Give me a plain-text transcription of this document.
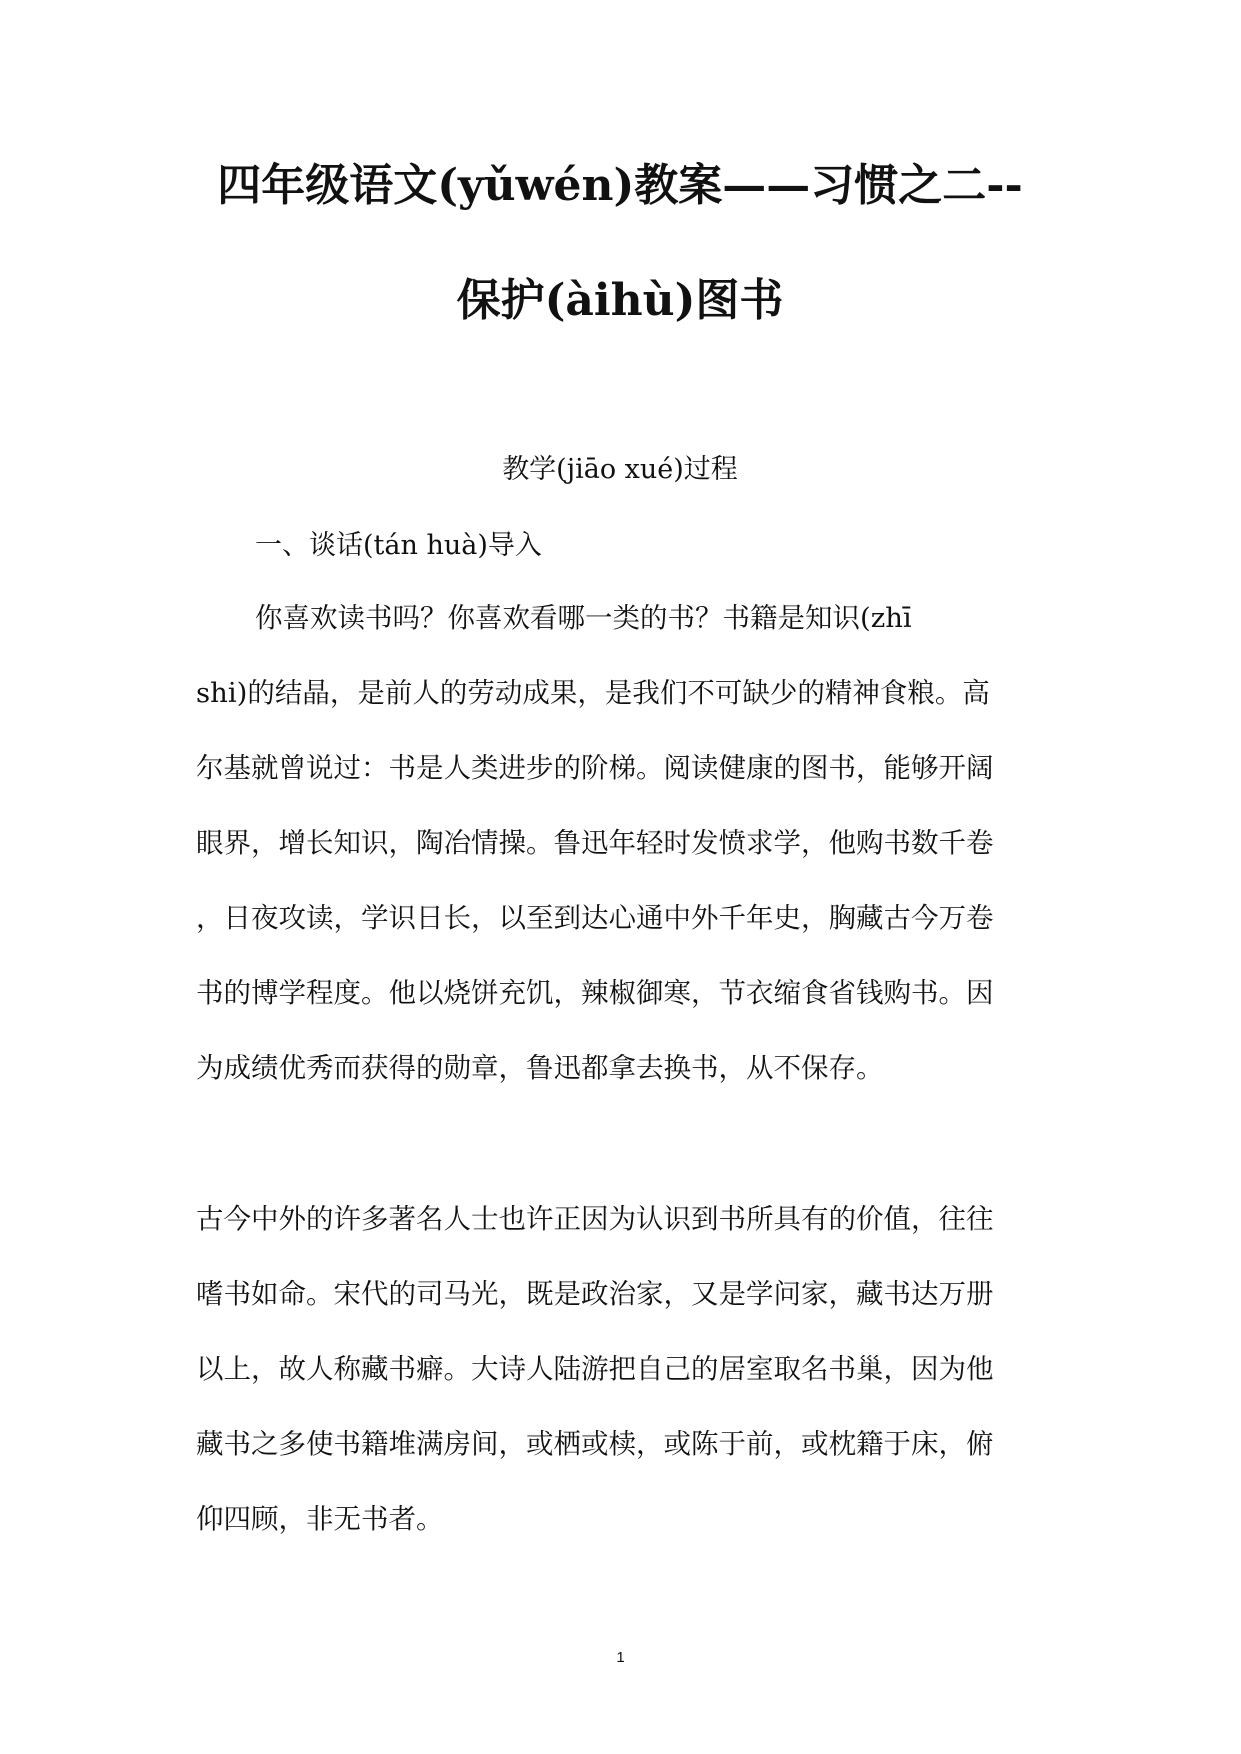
四年级语文(yǔwén)教案——习惯之二--
保护(àihù)图书
教学(jiāo xué)过程
一、谈话(tán huà)导入
你喜欢读书吗？你喜欢看哪一类的书？书籍是知识(zhī
shi)的结晶，是前人的劳动成果，是我们不可缺少的精神食粮。高
尔基就曾说过：书是人类进步的阶梯。阅读健康的图书，能够开阔
眼界，增长知识，陶冶情操。鲁迅年轻时发愤求学，他购书数千卷
，日夜攻读，学识日长，以至到达心通中外千年史，胸藏古今万卷
书的博学程度。他以烧饼充饥，辣椒御寒，节衣缩食省钱购书。因
为成绩优秀而获得的勋章，鲁迅都拿去换书，从不保存。
古今中外的许多著名人士也许正因为认识到书所具有的价值，往往
嗜书如命。宋代的司马光，既是政治家，又是学问家，藏书达万册
以上，故人称藏书癖。大诗人陆游把自己的居室取名书巢，因为他
藏书之多使书籍堆满房间，或栖或椟，或陈于前，或枕籍于床，俯
仰四顾，非无书者。
1
